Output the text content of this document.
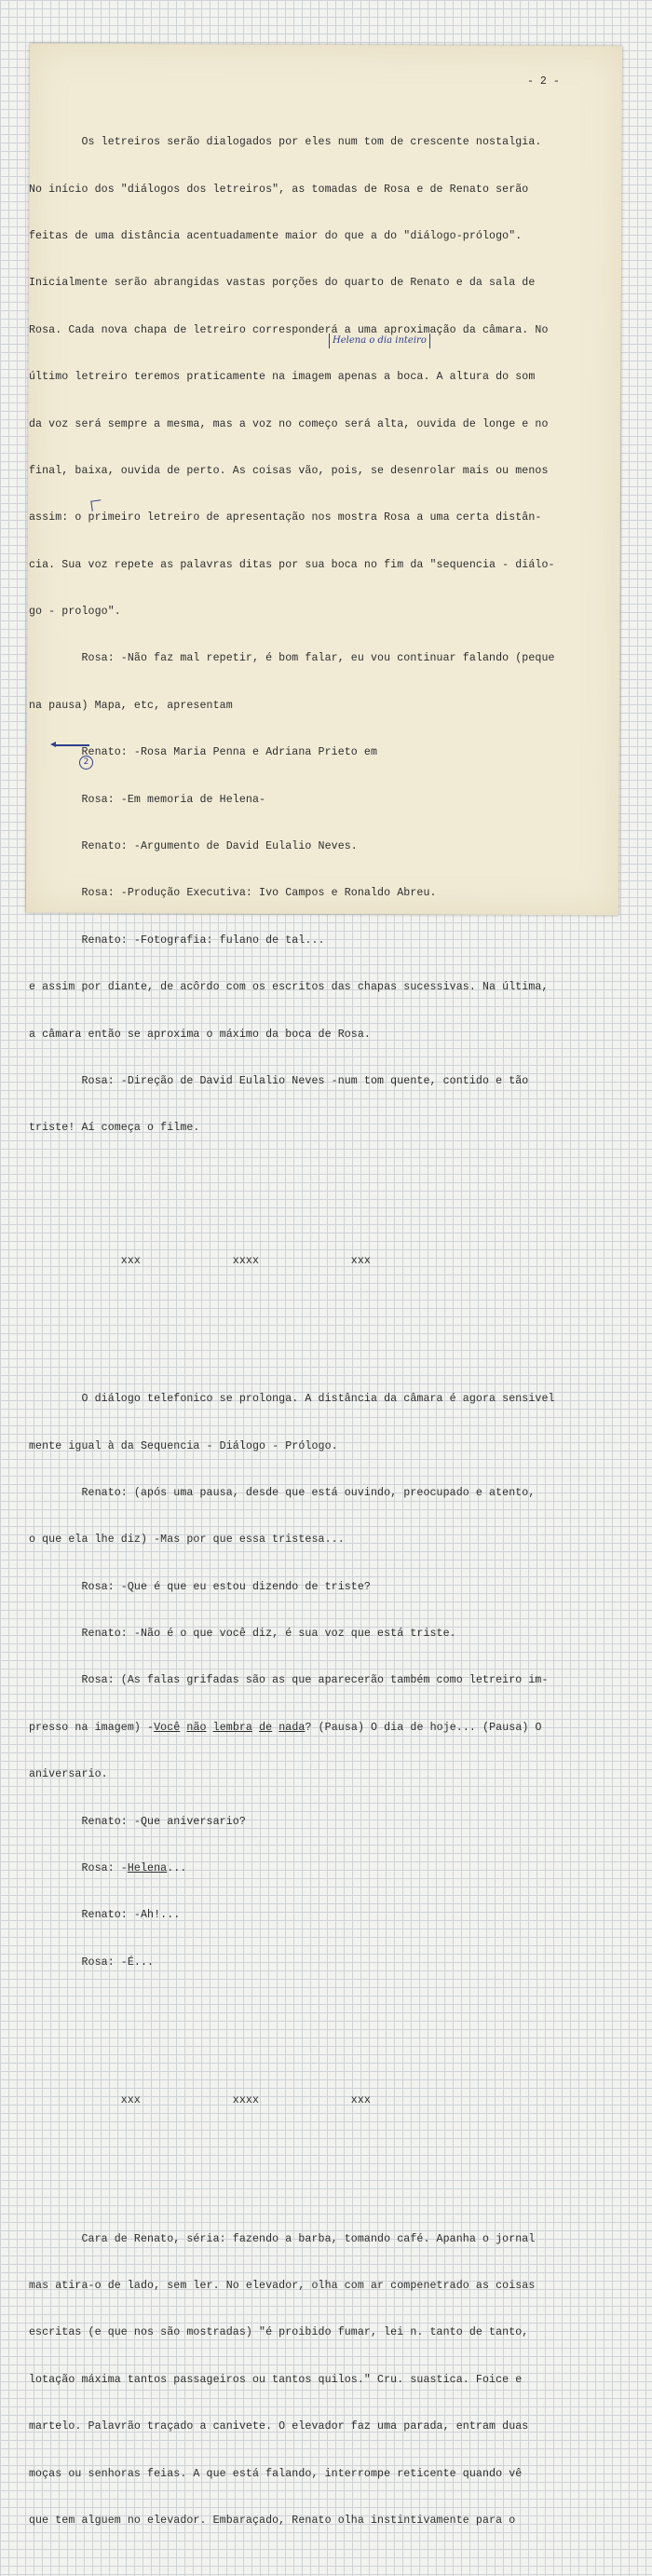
- 2 -

Os letreiros serão dialogados por eles num tom de crescente nostalgia.

No início dos "diálogos dos letreiros", as tomadas de Rosa e de Renato serão

feitas de uma distância acentuadamente maior do que a do "diálogo-prólogo".

Inicialmente serão abrangidas vastas porções do quarto de Renato e da sala de

Rosa. Cada nova chapa de letreiro corresponderá a uma aproximação da câmara. No

último letreiro teremos praticamente na imagem apenas a boca. A altura do som

da voz será sempre a mesma, mas a voz no começo será alta, ouvida de longe e no

final, baixa, ouvida de perto. As coisas vão, pois, se desenrolar mais ou menos

assim: o primeiro letreiro de apresentação nos mostra Rosa a uma certa distân-

cia. Sua voz repete as palavras ditas por sua boca no fim da "sequencia - diálo-

go - prologo".

Rosa: -Não faz mal repetir, é bom falar, eu vou continuar falando (peque

na pausa) Mapa, etc, apresentam

Renato: -Rosa Maria Penna e Adriana Prieto em

Rosa: -Em memoria de Helena-

Renato: -Argumento de David Eulalio Neves.

Rosa: -Produção Executiva: Ivo Campos e Ronaldo Abreu.

Renato: -Fotografia: fulano de tal...

e assim por diante, de acôrdo com os escritos das chapas sucessivas. Na última,

a câmara então se aproxima o máximo da boca de Rosa.

Rosa: -Direção de David Eulalio Neves -num tom quente, contido e tão

triste! Aí começa o filme.

xxx              xxxx              xxx

O diálogo telefonico se prolonga. A distância da câmara é agora sensivel

mente igual à da Sequencia - Diálogo - Prólogo.

Renato: (após uma pausa, desde que está ouvindo, preocupado e atento,

o que ela lhe diz) -Mas por que essa tristesa...

Rosa: -Que é que eu estou dizendo de triste?

Renato: -Não é o que você diz, é sua voz que está triste.

Rosa: (As falas grifadas são as que aparecerão também como letreiro im-

presso na imagem) -Você não lembra de nada? (Pausa) O dia de hoje... (Pausa) O

aniversario.

Renato: -Que aniversario?

Rosa: -Helena...

Renato: -Ah!...

Rosa: -É...

xxx              xxxx              xxx

Cara de Renato, séria: fazendo a barba, tomando café. Apanha o jornal

mas atira-o de lado, sem ler. No elevador, olha com ar compenetrado as coisas

escritas (e que nos são mostradas) "é proibido fumar, lei n. tanto de tanto,

lotação máxima tantos passageiros ou tantos quilos." Cru. suastica. Foice e

martelo. Palavrão traçado a canivete. O elevador faz uma parada, entram duas

moças ou senhoras feias. A que está falando, interrompe reticente quando vê

que tem alguem no elevador. Embaraçado, Renato olha instintivamente para o

Helena o dia inteiro
2
